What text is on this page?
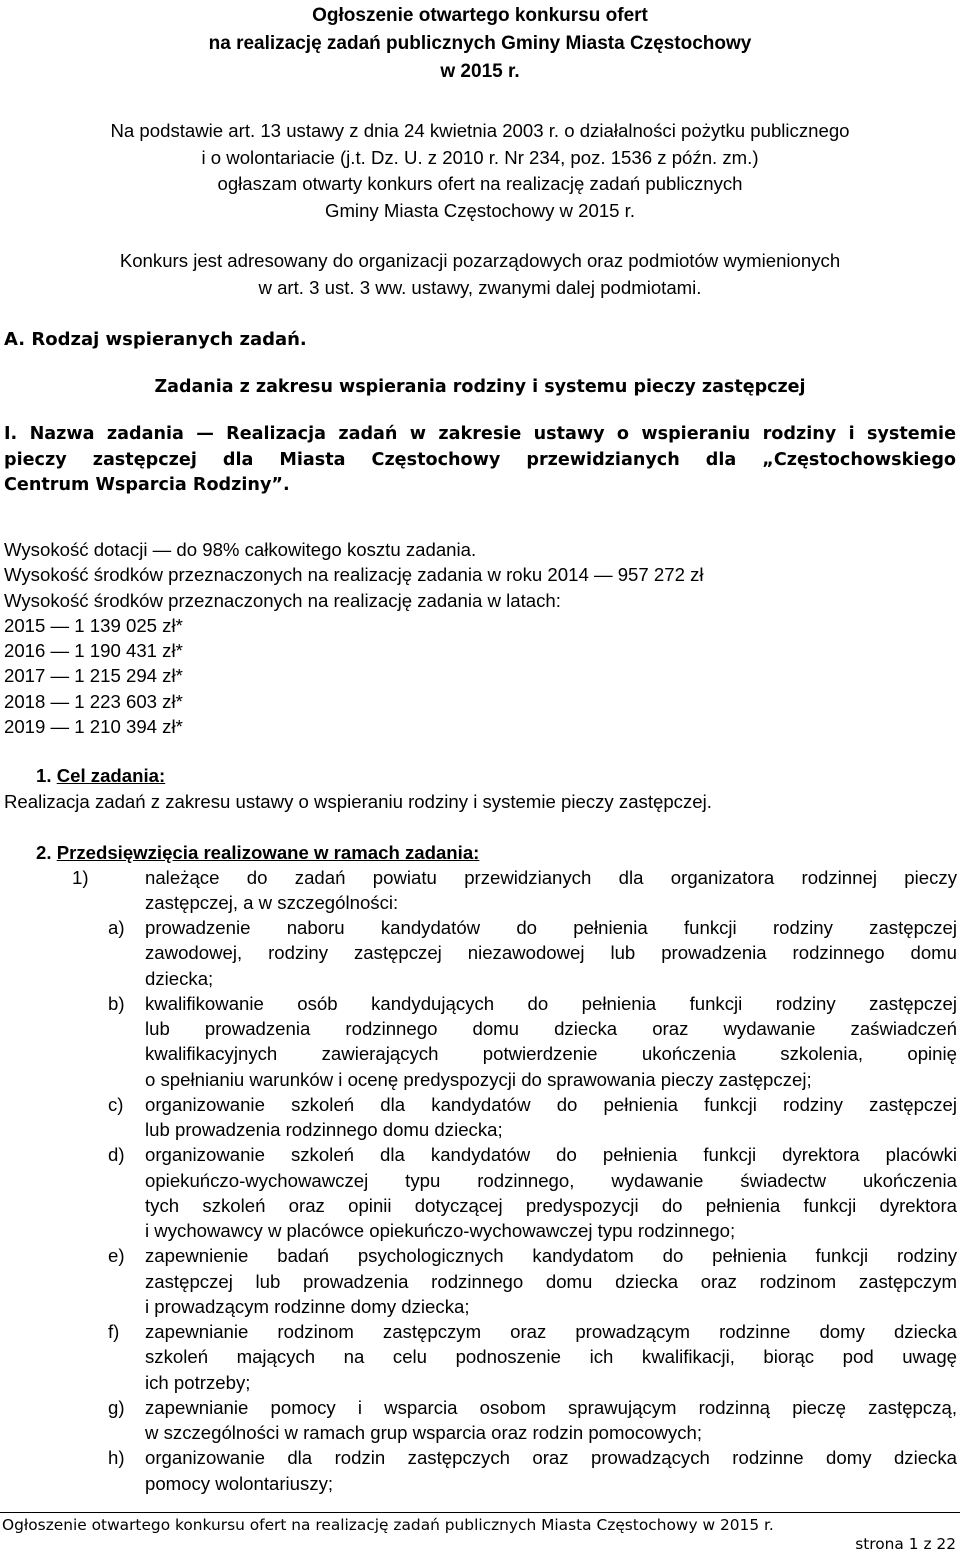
Ogłoszenie otwartego konkursu ofert
na realizację zadań publicznych Gminy Miasta Częstochowy
w 2015 r.
Na podstawie art. 13 ustawy z dnia 24 kwietnia 2003 r. o działalności pożytku publicznego
i o wolontariacie (j.t. Dz. U. z 2010 r. Nr 234, poz. 1536 z późn. zm.)
ogłaszam otwarty konkurs ofert na realizację zadań publicznych
Gminy Miasta Częstochowy w 2015 r.
Konkurs jest adresowany do organizacji pozarządowych oraz podmiotów wymienionych
w art. 3 ust. 3 ww. ustawy, zwanymi dalej podmiotami.
A. Rodzaj wspieranych zadań.
Zadania z zakresu wspierania rodziny i systemu pieczy zastępczej
I. Nazwa zadania — Realizacja zadań w zakresie ustawy o wspieraniu rodziny i systemie
pieczy zastępczej dla Miasta Częstochowy przewidzianych dla „Częstochowskiego
Centrum Wsparcia Rodziny”.
Wysokość dotacji — do 98% całkowitego kosztu zadania.
Wysokość środków przeznaczonych na realizację zadania w roku 2014 — 957 272 zł
Wysokość środków przeznaczonych na realizację zadania w latach:
2015 — 1 139 025 zł*
2016 — 1 190 431 zł*
2017 — 1 215 294 zł*
2018 — 1 223 603 zł*
2019 — 1 210 394 zł*
1. Cel zadania:
Realizacja zadań z zakresu ustawy o wspieraniu rodziny i systemie pieczy zastępczej.
2. Przedsięwzięcia realizowane w ramach zadania:
1)	należące do zadań powiatu przewidzianych dla organizatora rodzinnej pieczy
zastępczej, a w szczególności:
a) prowadzenie naboru kandydatów do pełnienia funkcji rodziny zastępczej
zawodowej, rodziny zastępczej niezawodowej lub prowadzenia rodzinnego domu
dziecka;
b) kwalifikowanie osób kandydujących do pełnienia funkcji rodziny zastępczej
lub prowadzenia rodzinnego domu dziecka oraz wydawanie zaświadczeń
kwalifikacyjnych zawierających potwierdzenie ukończenia szkolenia, opinię
o spełnianiu warunków i ocenę predyspozycji do sprawowania pieczy zastępczej;
c) organizowanie szkoleń dla kandydatów do pełnienia funkcji rodziny zastępczej
lub prowadzenia rodzinnego domu dziecka;
d) organizowanie szkoleń dla kandydatów do pełnienia funkcji dyrektora placówki
opiekuńczo-wychowawczej typu rodzinnego, wydawanie świadectw ukończenia
tych szkoleń oraz opinii dotyczącej predyspozycji do pełnienia funkcji dyrektora
i wychowawcy w placówce opiekuńczo-wychowawczej typu rodzinnego;
e) zapewnienie badań psychologicznych kandydatom do pełnienia funkcji rodziny
zastępczej lub prowadzenia rodzinnego domu dziecka oraz rodzinom zastępczym
i prowadzącym rodzinne domy dziecka;
f) zapewnianie rodzinom zastępczym oraz prowadzącym rodzinne domy dziecka
szkoleń mających na celu podnoszenie ich kwalifikacji, biorąc pod uwagę
ich potrzeby;
g) zapewnianie pomocy i wsparcia osobom sprawującym rodzinną pieczę zastępczą,
w szczególności w ramach grup wsparcia oraz rodzin pomocowych;
h) organizowanie dla rodzin zastępczych oraz prowadzących rodzinne domy dziecka
pomocy wolontariuszy;
Ogłoszenie otwartego konkursu ofert na realizację zadań publicznych Miasta Częstochowy w 2015 r.
strona 1 z 22
